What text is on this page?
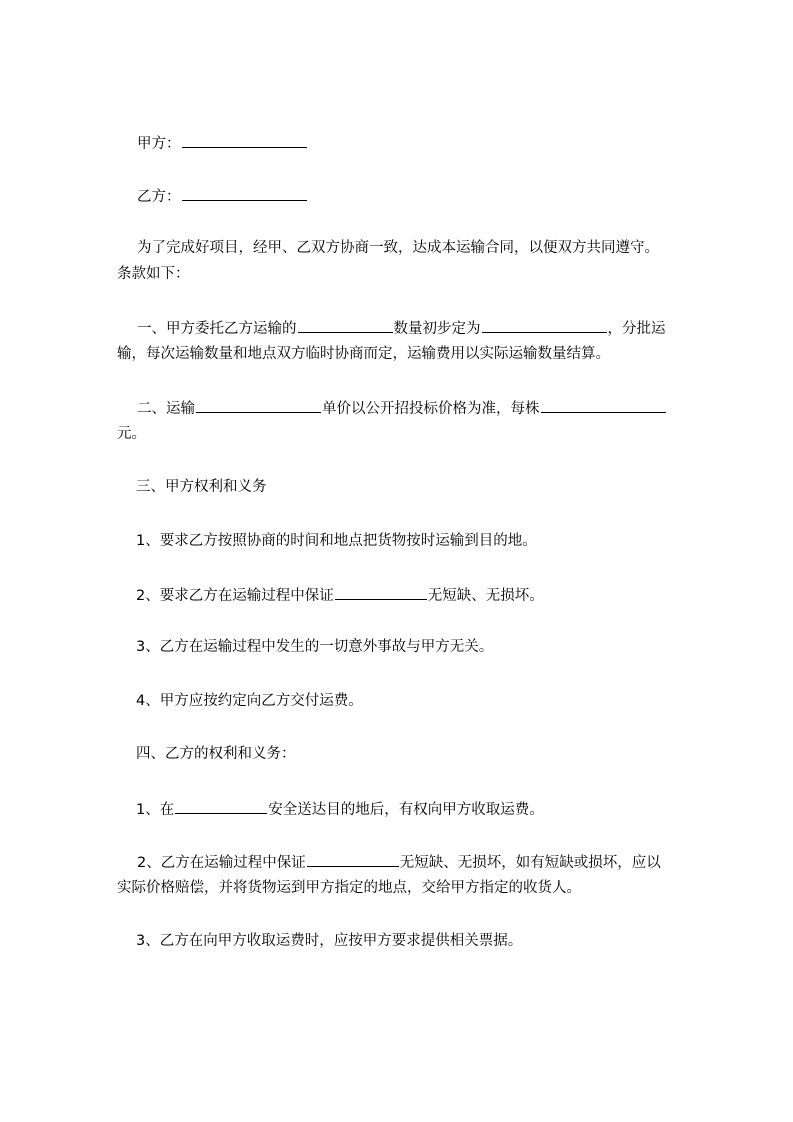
甲方：

乙方：

为了完成好项目，经甲、乙双方协商一致，达成本运输合同，以便双方共同遵守。

条款如下：

一、甲方委托乙方运输的	数量初步定为	，分批运

输，每次运输数量和地点双方临时协商而定，运输费用以实际运输数量结算。

二、运输	单价以公开招投标价格为准，每株

元。

三、甲方权利和义务

1、要求乙方按照协商的时间和地点把货物按时运输到目的地。

2、要求乙方在运输过程中保证	无短缺、无损坏。

3、乙方在运输过程中发生的一切意外事故与甲方无关。

4、甲方应按约定向乙方交付运费。

四、乙方的权利和义务：

1、在	安全送达目的地后，有权向甲方收取运费。

2、乙方在运输过程中保证	无短缺、无损坏，如有短缺或损坏，应以

实际价格赔偿，并将货物运到甲方指定的地点，交给甲方指定的收货人。

3、乙方在向甲方收取运费时，应按甲方要求提供相关票据。
